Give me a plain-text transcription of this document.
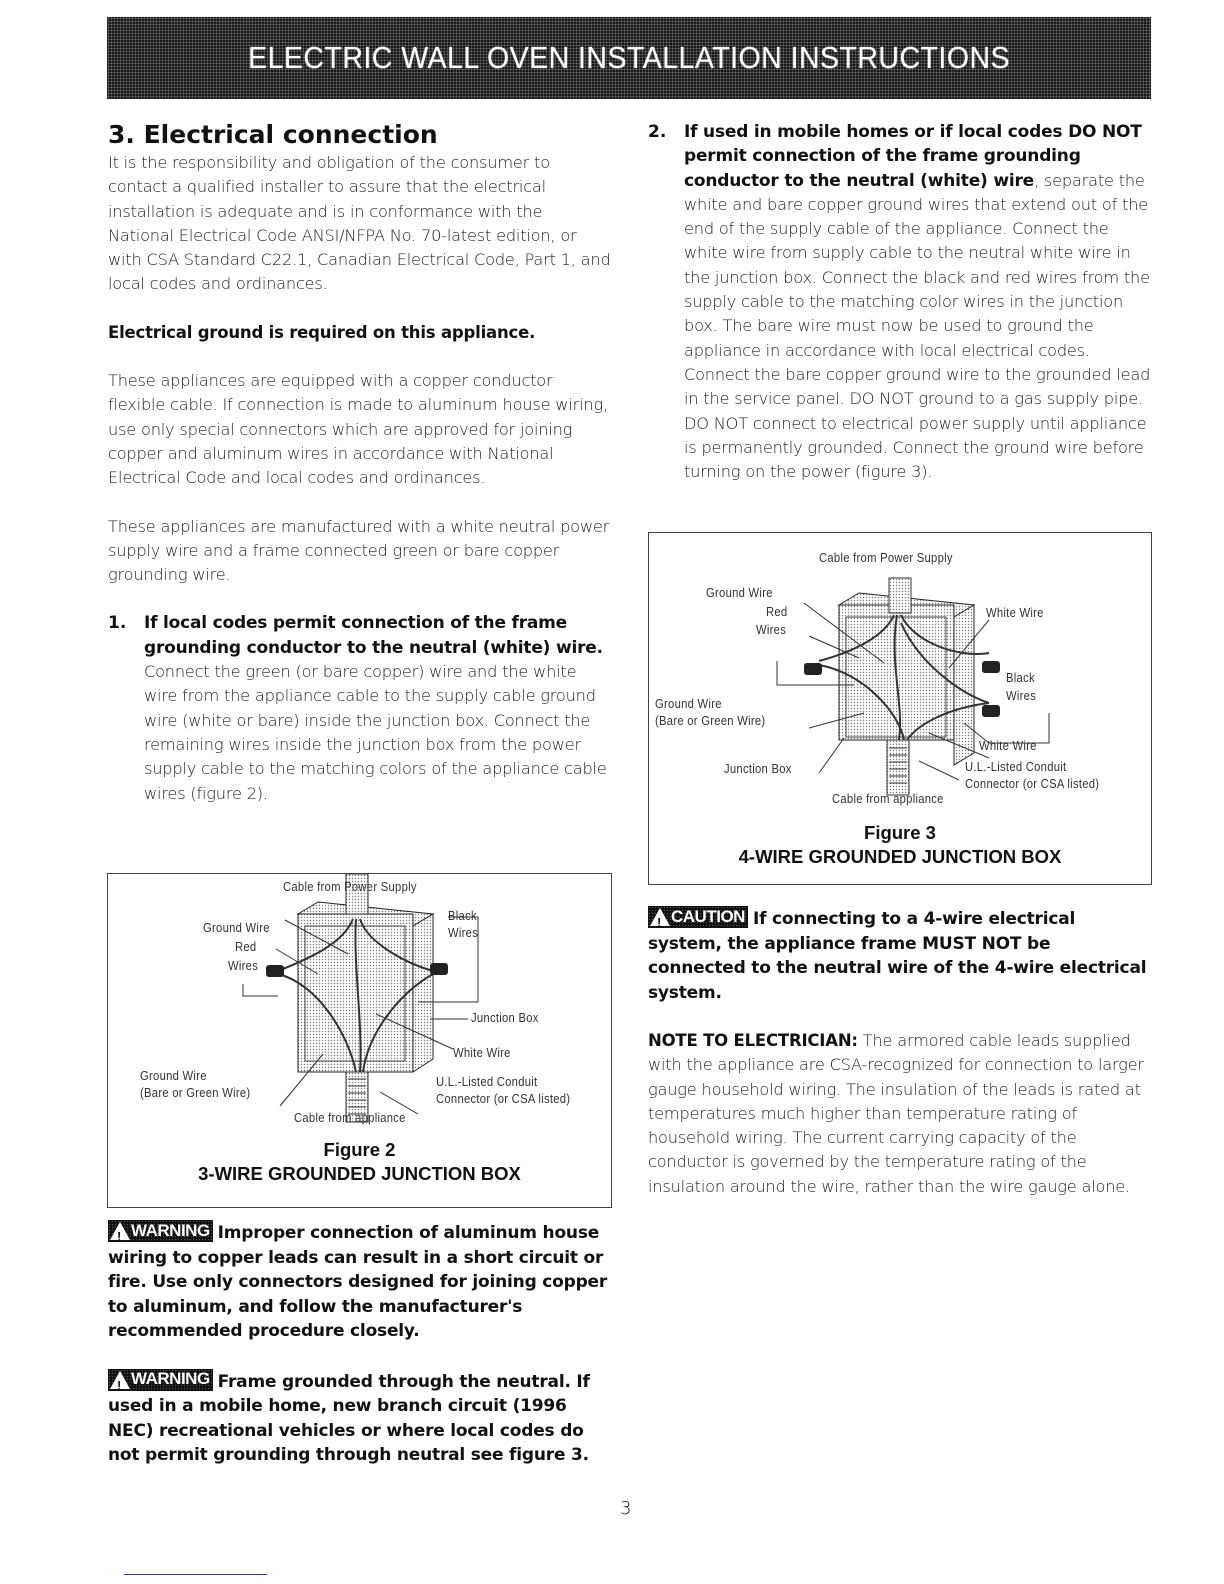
ELECTRIC WALL OVEN INSTALLATION INSTRUCTIONS
3. Electrical connection

It is the responsibility and obligation of the consumer to contact a qualified installer to assure that the electrical installation is adequate and is in conformance with the National Electrical Code ANSI/NFPA No. 70-latest edition, or with CSA Standard C22.1, Canadian Electrical Code, Part 1, and local codes and ordinances.

Electrical ground is required on this appliance.

These appliances are equipped with a copper conductor flexible cable. If connection is made to aluminum house wiring, use only special connectors which are approved for joining copper and aluminum wires in accordance with National Electrical Code and local codes and ordinances.

These appliances are manufactured with a white neutral power supply wire and a frame connected green or bare copper grounding wire.

1.	If local codes permit connection of the frame grounding conductor to the neutral (white) wire.
Connect the green (or bare copper) wire and the white wire from the appliance cable to the supply cable ground wire (white or bare) inside the junction box. Connect the remaining wires inside the junction box from the power supply cable to the matching colors of the appliance cable wires (figure 2).
Cable from Power Supply
Ground Wire
Red
Wires
Black
Wires
Junction Box
White Wire
Ground Wire
(Bare or Green Wire)
U.L.-Listed Conduit
Connector (or CSA listed)
Cable from appliance
Figure 2
3-WIRE GROUNDED JUNCTION BOX

! WARNING Improper connection of aluminum house wiring to copper leads can result in a short circuit or fire. Use only connectors designed for joining copper to aluminum, and follow the manufacturer's recommended procedure closely.

! WARNING Frame grounded through the neutral. If used in a mobile home, new branch circuit (1996 NEC) recreational vehicles or where local codes do not permit grounding through neutral see figure 3.

2.	If used in mobile homes or if local codes DO NOT permit connection of the frame grounding conductor to the neutral (white) wire, separate the white and bare copper ground wires that extend out of the end of the supply cable of the appliance. Connect the white wire from supply cable to the neutral white wire in the junction box. Connect the black and red wires from the supply cable to the matching color wires in the junction box. The bare wire must now be used to ground the appliance in accordance with local electrical codes. Connect the bare copper ground wire to the grounded lead in the service panel. DO NOT ground to a gas supply pipe. DO NOT connect to electrical power supply until appliance is permanently grounded. Connect the ground wire before turning on the power (figure 3).
Cable from Power Supply
Ground Wire
Red
Wires
White Wire
Black
Wires
Ground Wire
(Bare or Green Wire)
White Wire
Junction Box	U.L.-Listed Conduit
Connector (or CSA listed)
Cable from appliance
Figure 3
4-WIRE GROUNDED JUNCTION BOX

! CAUTION If connecting to a 4-wire electrical system, the appliance frame MUST NOT be connected to the neutral wire of the 4-wire electrical system.

NOTE TO ELECTRICIAN: The armored cable leads supplied with the appliance are CSA-recognized for connection to larger gauge household wiring. The insulation of the leads is rated at temperatures much higher than temperature rating of household wiring. The current carrying capacity of the conductor is governed by the temperature rating of the insulation around the wire, rather than the wire gauge alone.

3
